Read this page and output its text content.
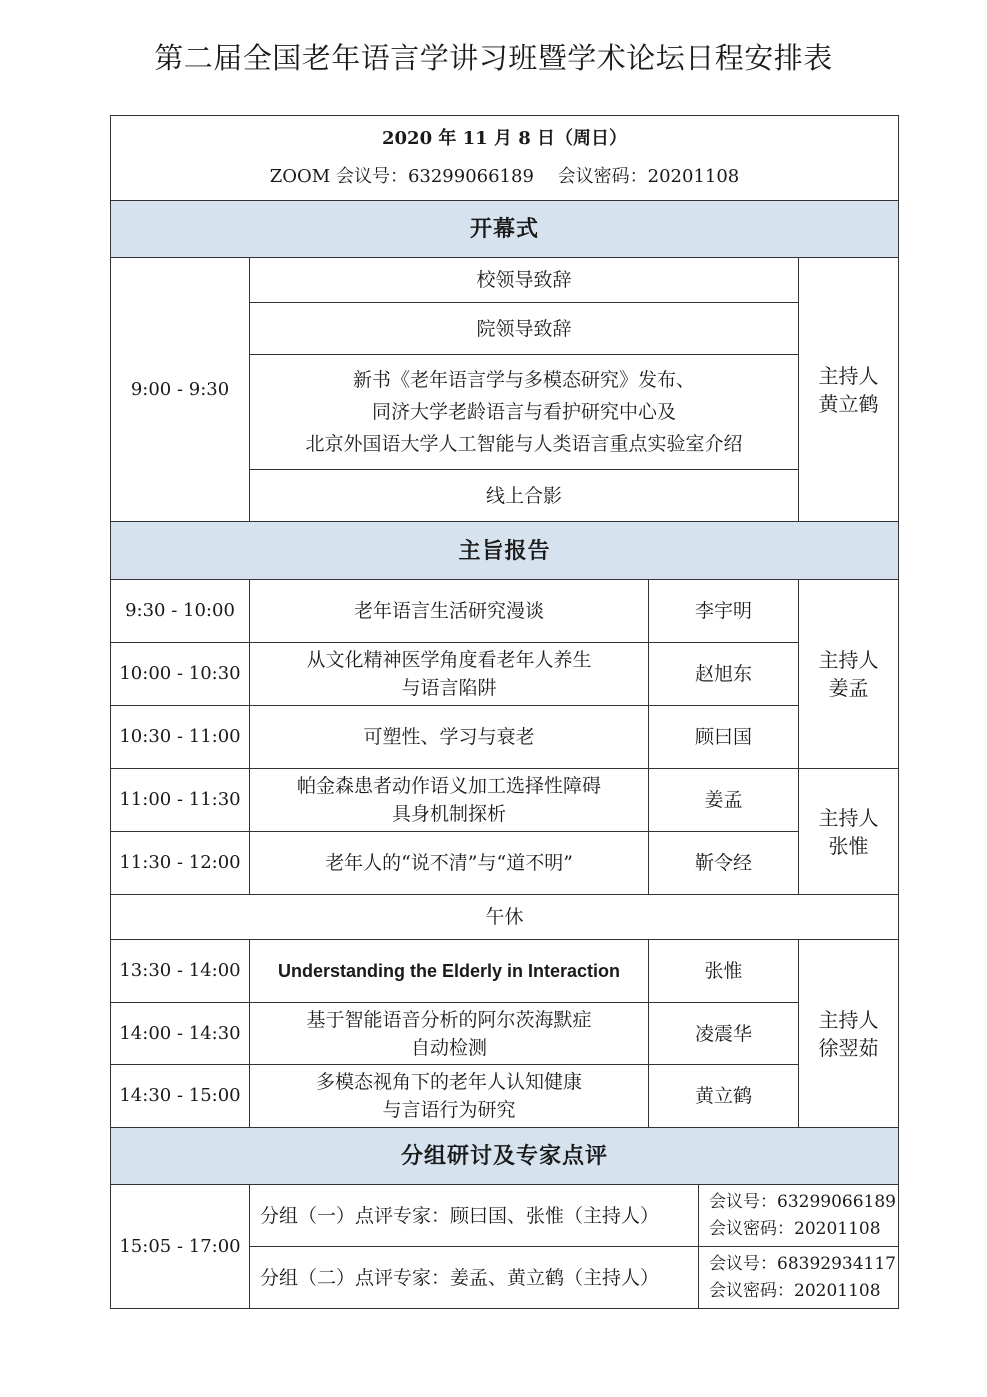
第二届全国老年语言学讲习班暨学术论坛日程安排表
2020 年 11 月 8 日（周日）
ZOOM 会议号：63299066189　 会议密码：20201108				

开幕式				
9:00 - 9:30	校领导致辞			主持人
黄立鹤

	院领导致辞			

	新书《老年语言学与多模态研究》发布、
同济大学老龄语言与看护研究中心及
北京外国语大学人工智能与人类语言重点实验室介绍			

	线上合影			

主旨报告				
9:30 - 10:00	老年语言生活研究漫谈	李宇明		主持人
姜孟

10:00 - 10:30	从文化精神医学角度看老年人养生
与语言陷阱	赵旭东		
10:30 - 11:00	可塑性、学习与衰老	顾曰国		
11:00 - 11:30	帕金森患者动作语义加工选择性障碍
具身机制探析	姜孟		主持人
张惟

11:30 - 12:00	老年人的“说不清”与“道不明”	靳令经		
午休				
13:30 - 14:00	Understanding the Elderly in Interaction	张惟		主持人
徐翌茹

14:00 - 14:30	基于智能语音分析的阿尔茨海默症
自动检测	凌震华		
14:30 - 15:00	多模态视角下的老年人认知健康
与言语行为研究	黄立鹤		
分组研讨及专家点评				
15:05 - 17:00	分组（一）点评专家：顾曰国、张惟（主持人）		会议号：63299066189
会议密码：20201108	

	分组（二）点评专家：姜孟、黄立鹤（主持人）		会议号：68392934117
会议密码：20201108	
